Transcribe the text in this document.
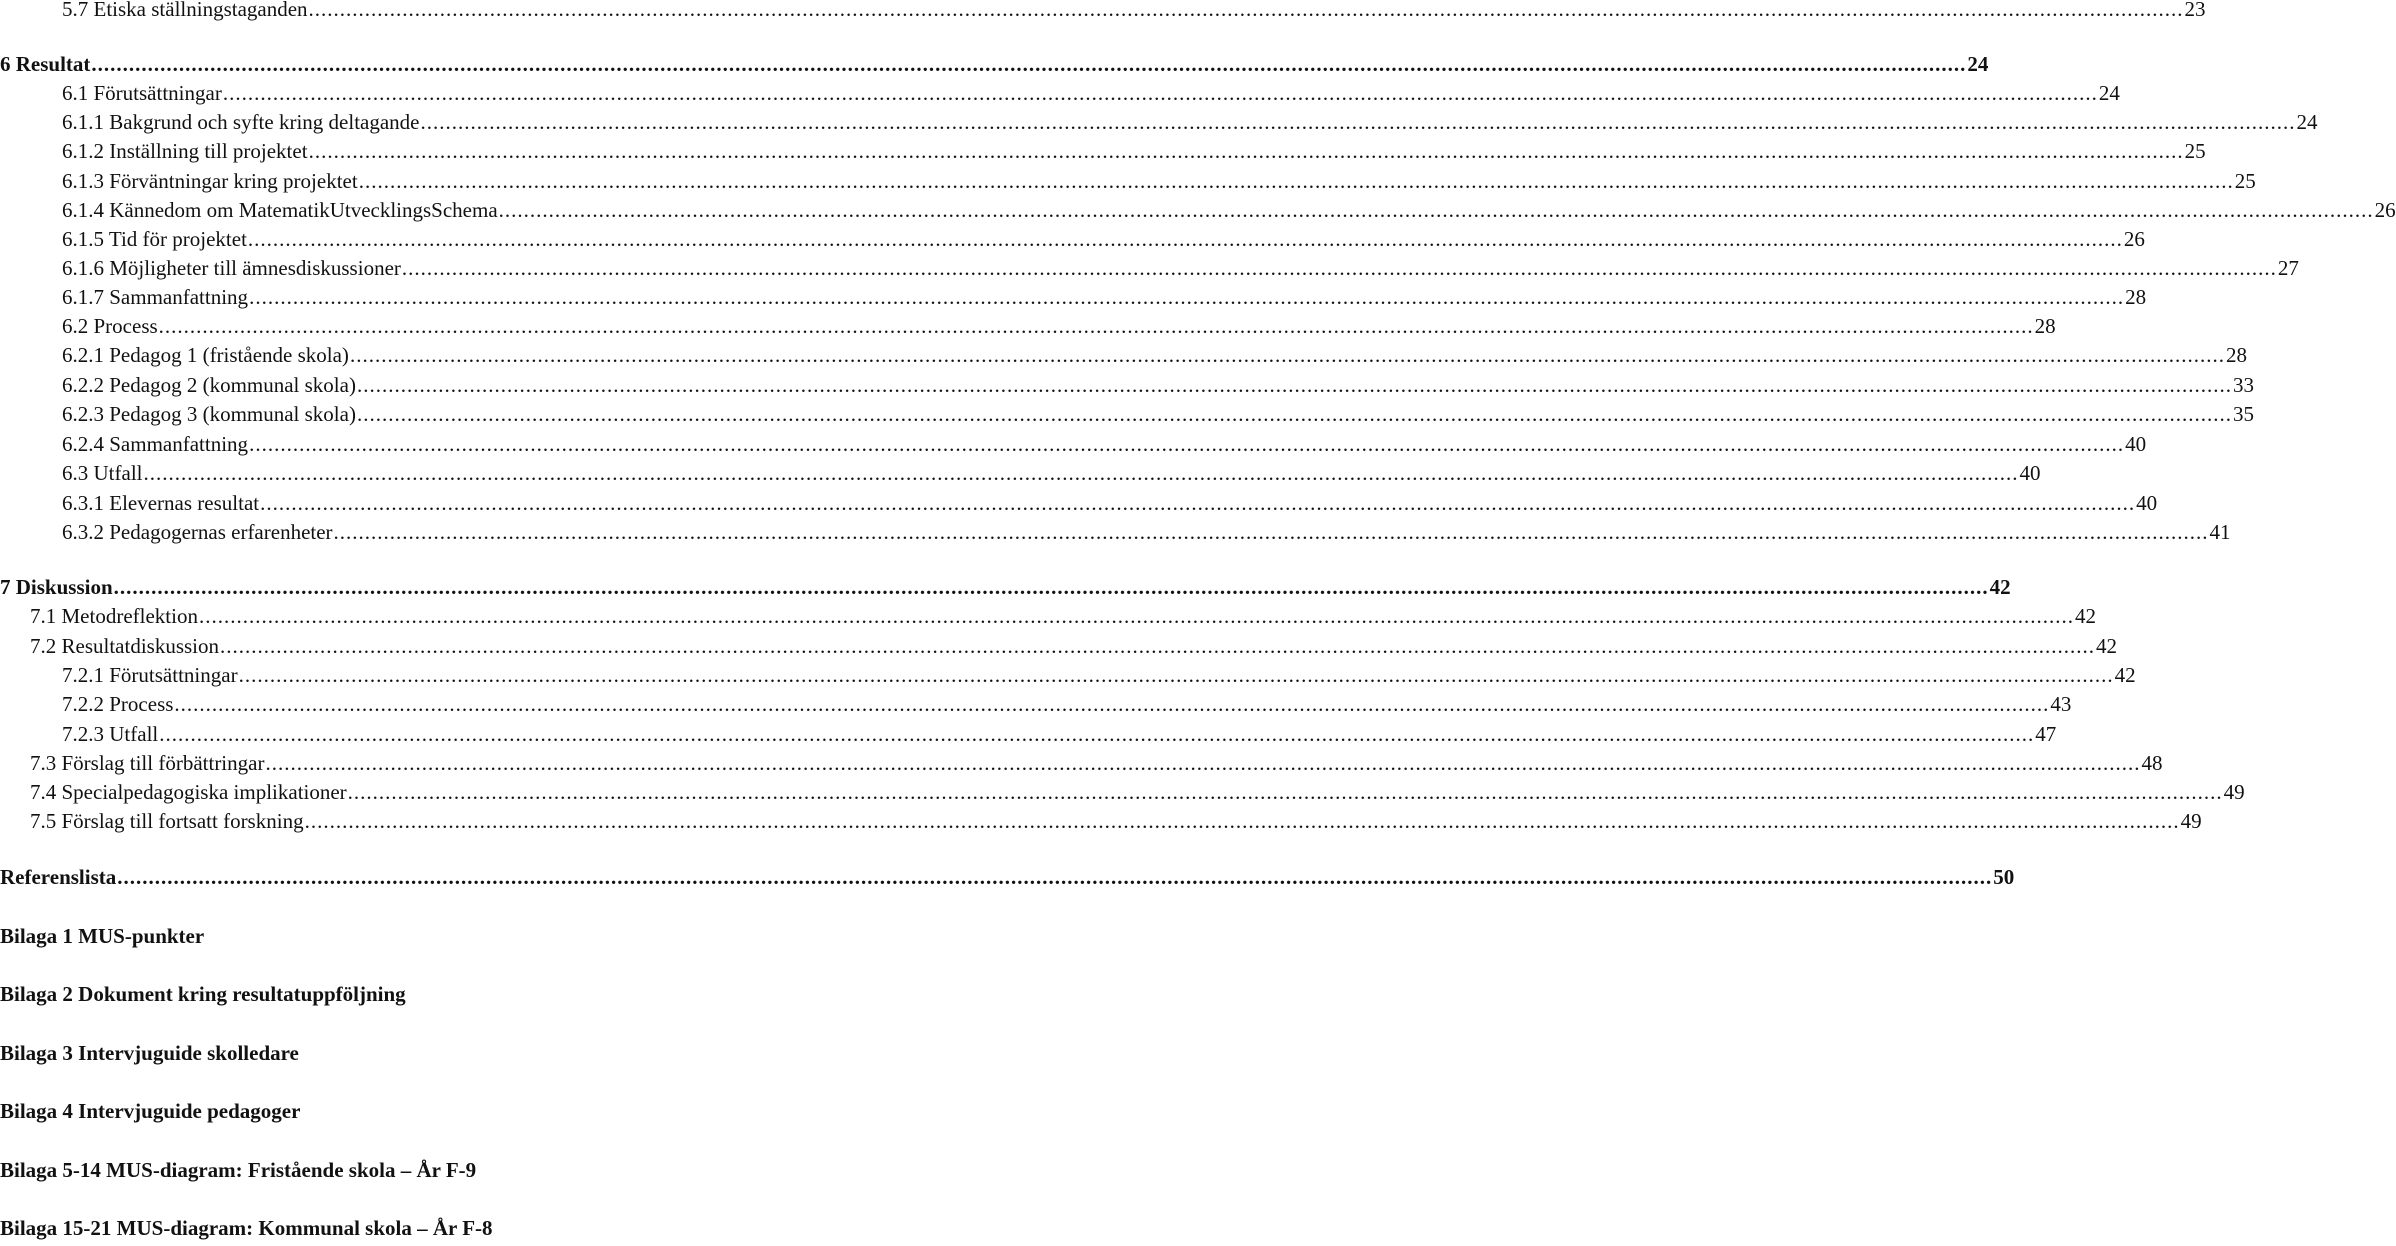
5.7 Etiska ställningstaganden ............................................................................................................................................................................................................................................................................................................ 23
6 Resultat ............................................................................................................................................................................................................................................................................................................ 24
6.1 Förutsättningar ............................................................................................................................................................................................................................................................................................................ 24
6.1.1 Bakgrund och syfte kring deltagande ............................................................................................................................................................................................................................................................................................................ 24
6.1.2 Inställning till projektet ............................................................................................................................................................................................................................................................................................................ 25
6.1.3 Förväntningar kring projektet ............................................................................................................................................................................................................................................................................................................ 25
6.1.4 Kännedom om MatematikUtvecklingsSchema ............................................................................................................................................................................................................................................................................................................ 26
6.1.5 Tid för projektet ............................................................................................................................................................................................................................................................................................................ 26
6.1.6 Möjligheter till ämnesdiskussioner ............................................................................................................................................................................................................................................................................................................ 27
6.1.7 Sammanfattning ............................................................................................................................................................................................................................................................................................................ 28
6.2 Process ............................................................................................................................................................................................................................................................................................................ 28
6.2.1 Pedagog 1 (fristående skola) ............................................................................................................................................................................................................................................................................................................ 28
6.2.2 Pedagog 2 (kommunal skola) ............................................................................................................................................................................................................................................................................................................ 33
6.2.3 Pedagog 3 (kommunal skola) ............................................................................................................................................................................................................................................................................................................ 35
6.2.4 Sammanfattning ............................................................................................................................................................................................................................................................................................................ 40
6.3 Utfall ............................................................................................................................................................................................................................................................................................................ 40
6.3.1 Elevernas resultat ............................................................................................................................................................................................................................................................................................................ 40
6.3.2 Pedagogernas erfarenheter ............................................................................................................................................................................................................................................................................................................ 41
7 Diskussion ............................................................................................................................................................................................................................................................................................................ 42
7.1 Metodreflektion ............................................................................................................................................................................................................................................................................................................ 42
7.2 Resultatdiskussion ............................................................................................................................................................................................................................................................................................................ 42
7.2.1 Förutsättningar ............................................................................................................................................................................................................................................................................................................ 42
7.2.2 Process ............................................................................................................................................................................................................................................................................................................ 43
7.2.3 Utfall ............................................................................................................................................................................................................................................................................................................ 47
7.3 Förslag till förbättringar ............................................................................................................................................................................................................................................................................................................ 48
7.4 Specialpedagogiska implikationer ............................................................................................................................................................................................................................................................................................................ 49
7.5 Förslag till fortsatt forskning ............................................................................................................................................................................................................................................................................................................ 49
Referenslista ............................................................................................................................................................................................................................................................................................................ 50
Bilaga 1 MUS-punkter
Bilaga 2 Dokument kring resultatuppföljning
Bilaga 3 Intervjuguide skolledare
Bilaga 4 Intervjuguide pedagoger
Bilaga 5-14 MUS-diagram: Fristående skola – År F-9
Bilaga 15-21 MUS-diagram: Kommunal skola – År F-8
